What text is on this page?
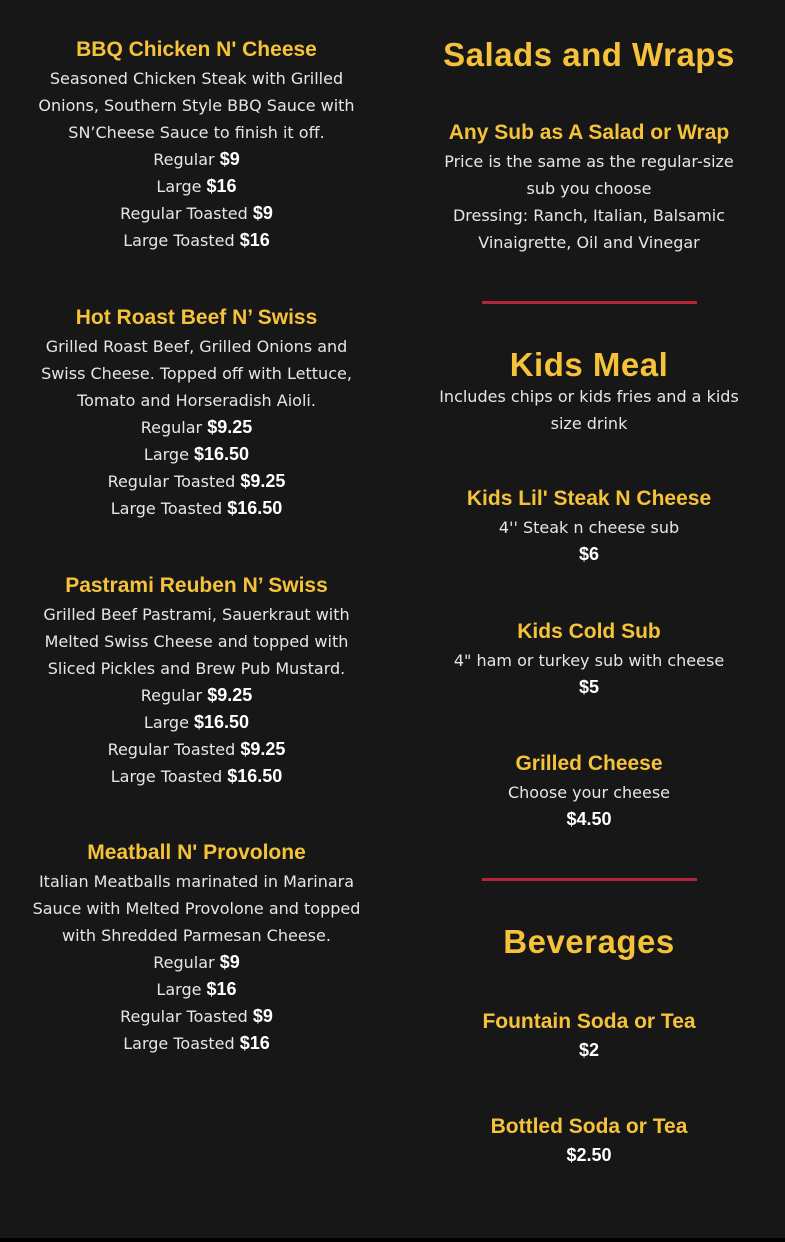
BBQ Chicken N' Cheese
Seasoned Chicken Steak with Grilled Onions, Southern Style BBQ Sauce with SN’Cheese Sauce to finish it off.
Regular $9
Large $16
Regular Toasted $9
Large Toasted $16
Hot Roast Beef N’ Swiss
Grilled Roast Beef, Grilled Onions and Swiss Cheese. Topped off with Lettuce, Tomato and Horseradish Aioli.
Regular $9.25
Large $16.50
Regular Toasted $9.25
Large Toasted $16.50
Pastrami Reuben N’ Swiss
Grilled Beef Pastrami, Sauerkraut with Melted Swiss Cheese and topped with Sliced Pickles and Brew Pub Mustard.
Regular $9.25
Large $16.50
Regular Toasted $9.25
Large Toasted $16.50
Meatball N' Provolone
Italian Meatballs marinated in Marinara Sauce with Melted Provolone and topped with Shredded Parmesan Cheese.
Regular $9
Large $16
Regular Toasted $9
Large Toasted $16
Salads and Wraps
Any Sub as A Salad or Wrap
Price is the same as the regular-size sub you choose
Dressing: Ranch, Italian, Balsamic Vinaigrette, Oil and Vinegar
Kids Meal
Includes chips or kids fries and a kids size drink
Kids Lil' Steak N Cheese
4'' Steak n cheese sub
$6
Kids Cold Sub
4" ham or turkey sub with cheese
$5
Grilled Cheese
Choose your cheese
$4.50
Beverages
Fountain Soda or Tea
$2
Bottled Soda or Tea
$2.50
